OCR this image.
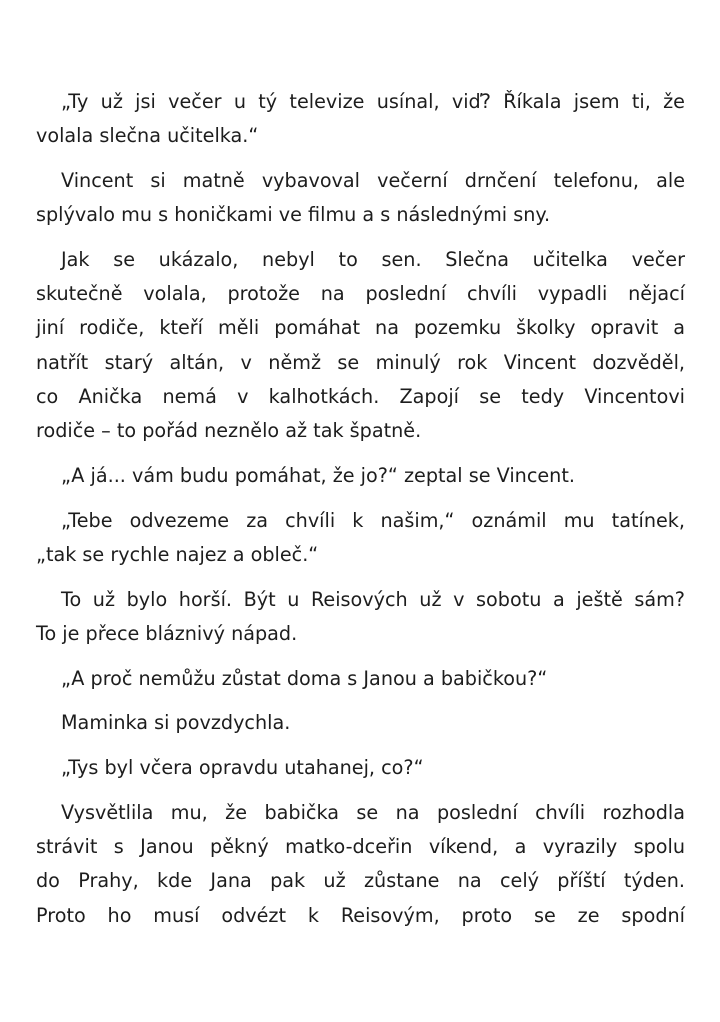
„Ty už jsi večer u tý televize usínal, viď? Říkala jsem ti, že
volala slečna učitelka.“
Vincent si matně vybavoval večerní drnčení telefonu, ale
splývalo mu s honičkami ve filmu a s následnými sny.
Jak se ukázalo, nebyl to sen. Slečna učitelka večer
skutečně volala, protože na poslední chvíli vypadli nějací
jiní rodiče, kteří měli pomáhat na pozemku školky opravit a
natřít starý altán, v němž se minulý rok Vincent dozvěděl,
co Anička nemá v kalhotkách. Zapojí se tedy Vincentovi
rodiče – to pořád neznělo až tak špatně.
„A já... vám budu pomáhat, že jo?“ zeptal se Vincent.
„Tebe odvezeme za chvíli k našim,“ oznámil mu tatínek,
„tak se rychle najez a obleč.“
To už bylo horší. Být u Reisových už v sobotu a ještě sám?
To je přece bláznivý nápad.
„A proč nemůžu zůstat doma s Janou a babičkou?“
Maminka si povzdychla.
„Tys byl včera opravdu utahanej, co?“
Vysvětlila mu, že babička se na poslední chvíli rozhodla
strávit s Janou pěkný matko-dceřin víkend, a vyrazily spolu
do Prahy, kde Jana pak už zůstane na celý příští týden.
Proto ho musí odvézt k Reisovým, proto se ze spodní
